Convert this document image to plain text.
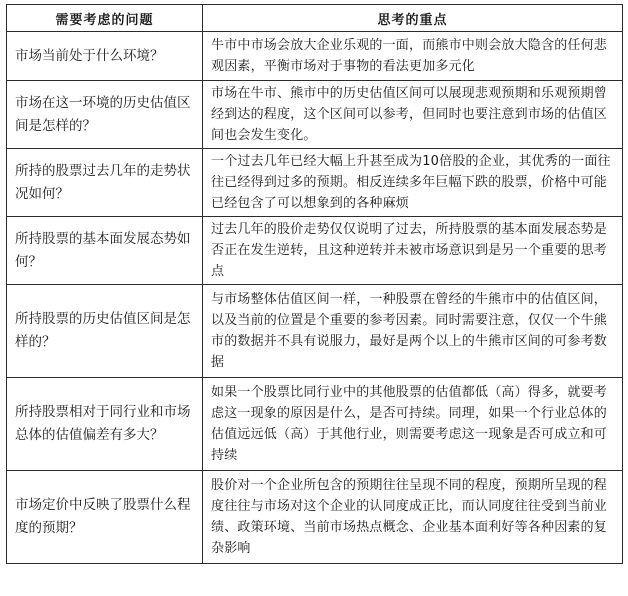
需要考虑的问题	思考的重点
市场当前处于什么环境？	牛市中市场会放大企业乐观的一面，而熊市中则会放大隐含的任何悲观因素，平衡市场对于事物的看法更加多元化
市场在这一环境的历史估值区间是怎样的？	市场在牛市、熊市中的历史估值区间可以展现悲观预期和乐观预期曾经到达的程度，这个区间可以参考，但同时也要注意到市场的估值区间也会发生变化。
所持的股票过去几年的走势状况如何？	一个过去几年已经大幅上升甚至成为10倍股的企业，其优秀的一面往往已经得到过多的预期。相反连续多年巨幅下跌的股票，价格中可能已经包含了可以想象到的各种麻烦
所持股票的基本面发展态势如何？	过去几年的股价走势仅仅说明了过去，所持股票的基本面发展态势是否正在发生逆转，且这种逆转并未被市场意识到是另一个重要的思考点
所持股票的历史估值区间是怎样的？	与市场整体估值区间一样，一种股票在曾经的牛熊市中的估值区间，以及当前的位置是个重要的参考因素。同时需要注意，仅仅一个牛熊市的数据并不具有说服力，最好是两个以上的牛熊市区间的可参考数据
所持股票相对于同行业和市场总体的估值偏差有多大？	如果一个股票比同行业中的其他股票的估值都低（高）得多，就要考虑这一现象的原因是什么，是否可持续。同理，如果一个行业总体的估值远远低（高）于其他行业，则需要考虑这一现象是否可成立和可持续
市场定价中反映了股票什么程度的预期？	股价对一个企业所包含的预期往往呈现不同的程度，预期所呈现的程度往往与市场对这个企业的认同度成正比，而认同度往往受到当前业绩、政策环境、当前市场热点概念、企业基本面利好等各种因素的复杂影响
